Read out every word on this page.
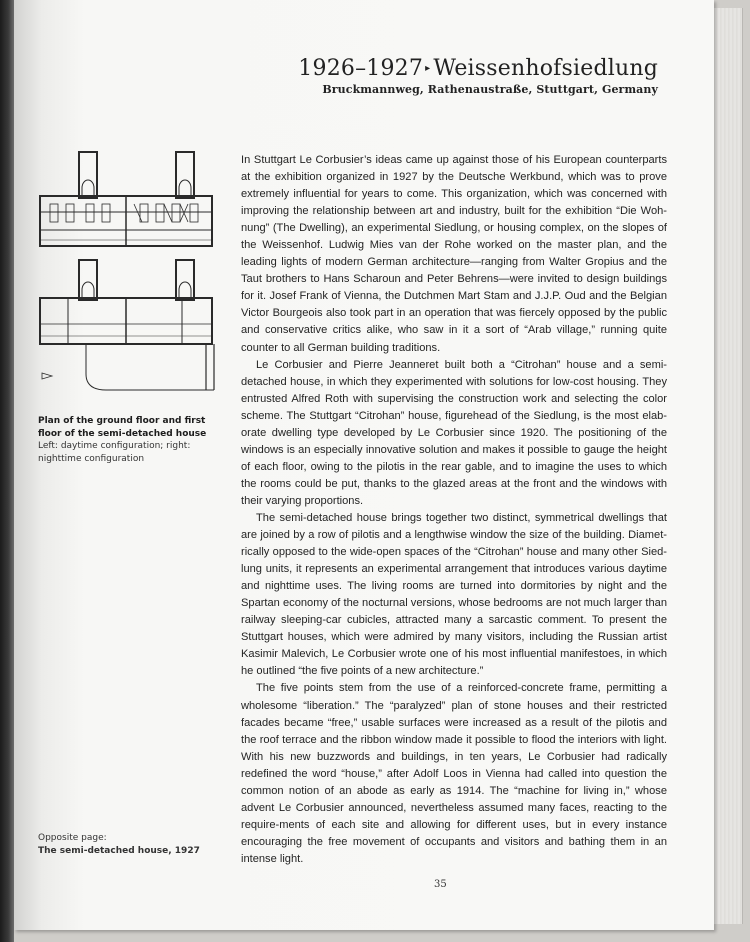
1926–1927 ▸ Weissenhofsiedlung
Bruckmannweg, Rathenaustraße, Stuttgart, Germany
Plan of the ground floor and first floor of the semi-detached house
Left: daytime configuration; right: nighttime configuration
Opposite page:
The semi-detached house, 1927

In Stuttgart Le Corbusier’s ideas came up against those of his European counterparts at the exhibition organized in 1927 by the Deutsche Werkbund, which was to prove extremely influential for years to come. This organization, which was concerned with improving the relationship between art and industry, built for the exhibition “Die Woh-nung” (The Dwelling), an experimental Siedlung, or housing complex, on the slopes of the Weissenhof. Ludwig Mies van der Rohe worked on the master plan, and the leading lights of modern German architecture—ranging from Walter Gropius and the Taut brothers to Hans Scharoun and Peter Behrens—were invited to design buildings for it. Josef Frank of Vienna, the Dutchmen Mart Stam and J.J.P. Oud and the Belgian Victor Bourgeois also took part in an operation that was fiercely opposed by the public and conservative critics alike, who saw in it a sort of “Arab village,” running quite counter to all German building traditions.

Le Corbusier and Pierre Jeanneret built both a “Citrohan” house and a semi-detached house, in which they experimented with solutions for low-cost housing. They entrusted Alfred Roth with supervising the construction work and selecting the color scheme. The Stuttgart “Citrohan” house, figurehead of the Siedlung, is the most elab-orate dwelling type developed by Le Corbusier since 1920. The positioning of the windows is an especially innovative solution and makes it possible to gauge the height of each floor, owing to the pilotis in the rear gable, and to imagine the uses to which the rooms could be put, thanks to the glazed areas at the front and the windows with their varying proportions.

The semi-detached house brings together two distinct, symmetrical dwellings that are joined by a row of pilotis and a lengthwise window the size of the building. Diamet-rically opposed to the wide-open spaces of the “Citrohan” house and many other Sied-lung units, it represents an experimental arrangement that introduces various daytime and nighttime uses. The living rooms are turned into dormitories by night and the Spartan economy of the nocturnal versions, whose bedrooms are not much larger than railway sleeping-car cubicles, attracted many a sarcastic comment. To present the Stuttgart houses, which were admired by many visitors, including the Russian artist Kasimir Malevich, Le Corbusier wrote one of his most influential manifestoes, in which he outlined “the five points of a new architecture.”

The five points stem from the use of a reinforced-concrete frame, permitting a wholesome “liberation.” The “paralyzed” plan of stone houses and their restricted facades became “free,” usable surfaces were increased as a result of the pilotis and the roof terrace and the ribbon window made it possible to flood the interiors with light. With his new buzzwords and buildings, in ten years, Le Corbusier had radically redefined the word “house,” after Adolf Loos in Vienna had called into question the common notion of an abode as early as 1914. The “machine for living in,” whose advent Le Corbusier announced, nevertheless assumed many faces, reacting to the require-ments of each site and allowing for different uses, but in every instance encouraging the free movement of occupants and visitors and bathing them in an intense light.

35
